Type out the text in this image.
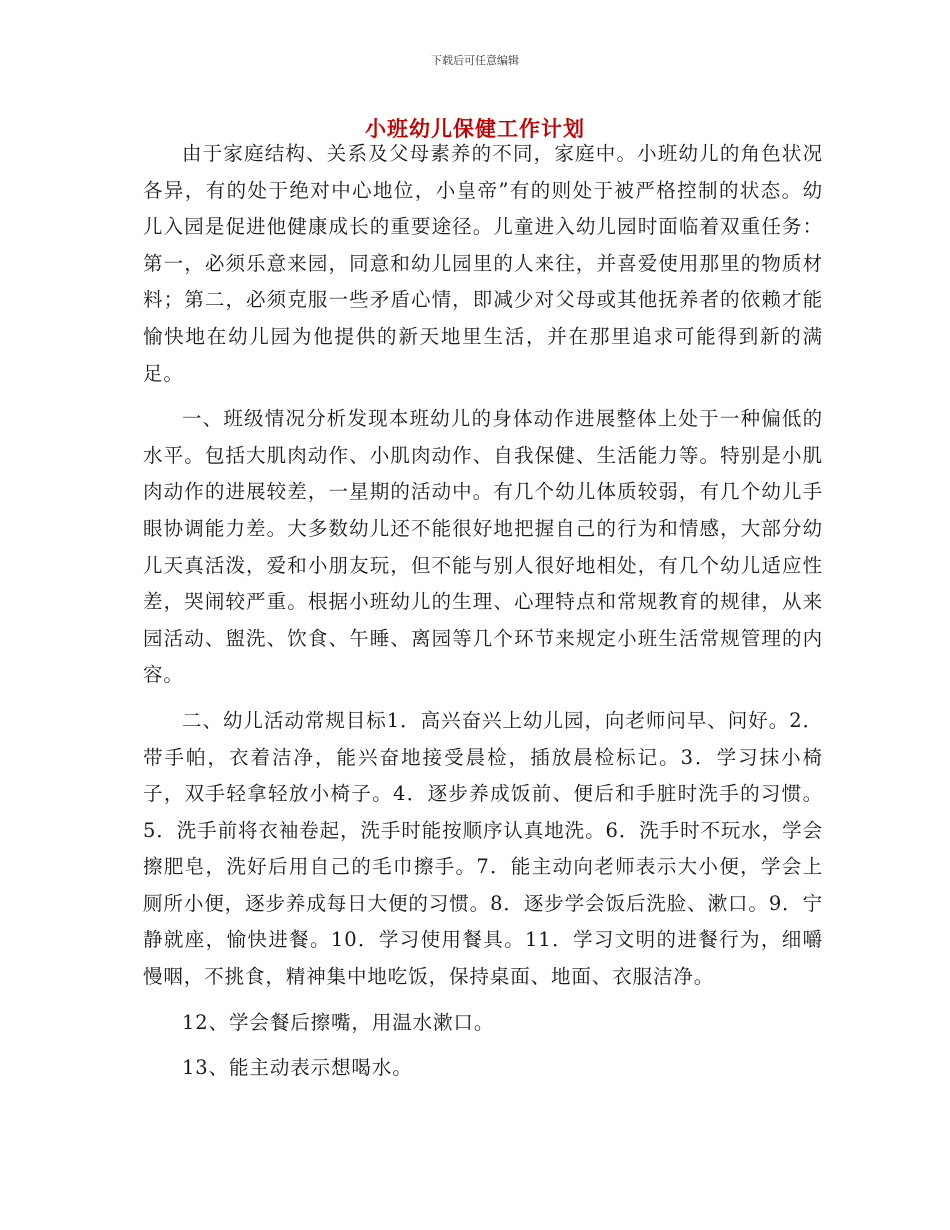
下载后可任意编辑
小班幼儿保健工作计划

由于家庭结构、关系及父母素养的不同，家庭中。小班幼儿的角色状况各异，有的处于绝对中心地位，小皇帝”有的则处于被严格控制的状态。幼儿入园是促进他健康成长的重要途径。儿童进入幼儿园时面临着双重任务：第一，必须乐意来园，同意和幼儿园里的人来往，并喜爱使用那里的物质材料；第二，必须克服一些矛盾心情，即减少对父母或其他抚养者的依赖才能愉快地在幼儿园为他提供的新天地里生活，并在那里追求可能得到新的满足。

一、班级情况分析发现本班幼儿的身体动作进展整体上处于一种偏低的水平。包括大肌肉动作、小肌肉动作、自我保健、生活能力等。特别是小肌肉动作的进展较差，一星期的活动中。有几个幼儿体质较弱，有几个幼儿手眼协调能力差。大多数幼儿还不能很好地把握自己的行为和情感，大部分幼儿天真活泼，爱和小朋友玩，但不能与别人很好地相处，有几个幼儿适应性差，哭闹较严重。根据小班幼儿的生理、心理特点和常规教育的规律，从来园活动、盥洗、饮食、午睡、离园等几个环节来规定小班生活常规管理的内容。

二、幼儿活动常规目标1．高兴奋兴上幼儿园，向老师问早、问好。2．带手帕，衣着洁净，能兴奋地接受晨检，插放晨检标记。3．学习抹小椅子，双手轻拿轻放小椅子。4．逐步养成饭前、便后和手脏时洗手的习惯。5．洗手前将衣袖卷起，洗手时能按顺序认真地洗。6．洗手时不玩水，学会擦肥皂，洗好后用自己的毛巾擦手。7．能主动向老师表示大小便，学会上厕所小便，逐步养成每日大便的习惯。8．逐步学会饭后洗脸、漱口。9．宁静就座，愉快进餐。10．学习使用餐具。11．学习文明的进餐行为，细嚼慢咽，不挑食，精神集中地吃饭，保持桌面、地面、衣服洁净。

12、学会餐后擦嘴，用温水漱口。

13、能主动表示想喝水。
